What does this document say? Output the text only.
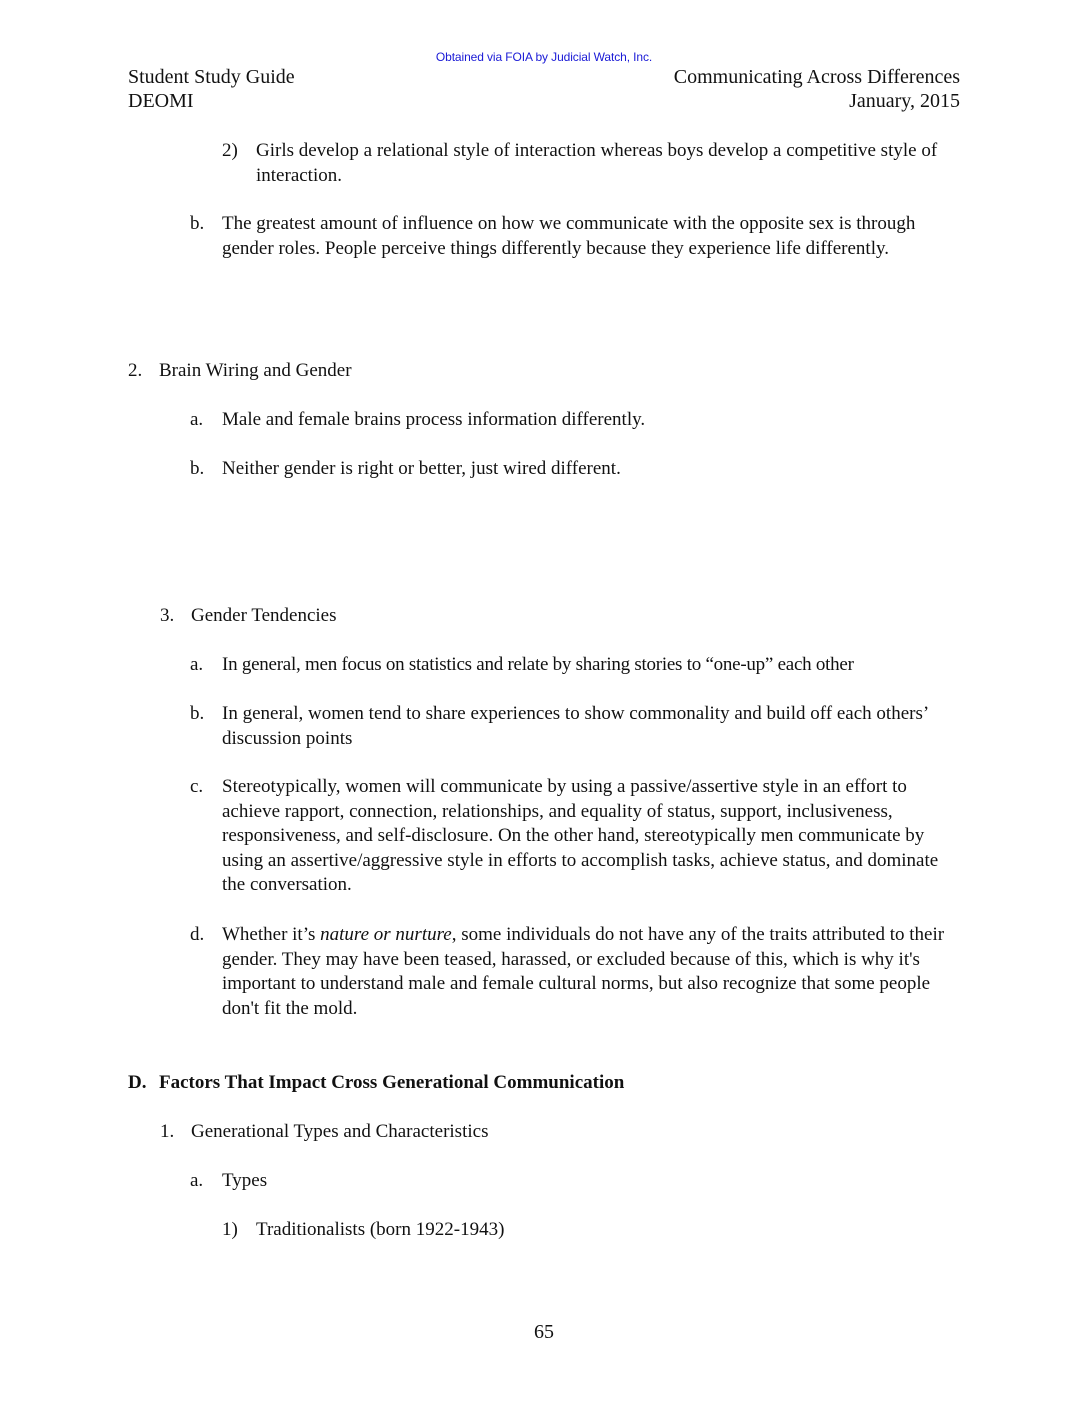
Obtained via FOIA by Judicial Watch, Inc.
Student Study Guide
DEOMI
Communicating Across Differences
January, 2015
2) Girls develop a relational style of interaction whereas boys develop a competitive style of interaction.
b. The greatest amount of influence on how we communicate with the opposite sex is through gender roles. People perceive things differently because they experience life differently.
2. Brain Wiring and Gender
a. Male and female brains process information differently.
b. Neither gender is right or better, just wired different.
3. Gender Tendencies
a. In general, men focus on statistics and relate by sharing stories to “one-up” each other
b. In general, women tend to share experiences to show commonality and build off each others’ discussion points
c. Stereotypically, women will communicate by using a passive/assertive style in an effort to achieve rapport, connection, relationships, and equality of status, support, inclusiveness, responsiveness, and self-disclosure. On the other hand, stereotypically men communicate by using an assertive/aggressive style in efforts to accomplish tasks, achieve status, and dominate the conversation.
d. Whether it’s nature or nurture, some individuals do not have any of the traits attributed to their gender. They may have been teased, harassed, or excluded because of this, which is why it's important to understand male and female cultural norms, but also recognize that some people don't fit the mold.
D. Factors That Impact Cross Generational Communication
1. Generational Types and Characteristics
a. Types
1) Traditionalists (born 1922-1943)
65
